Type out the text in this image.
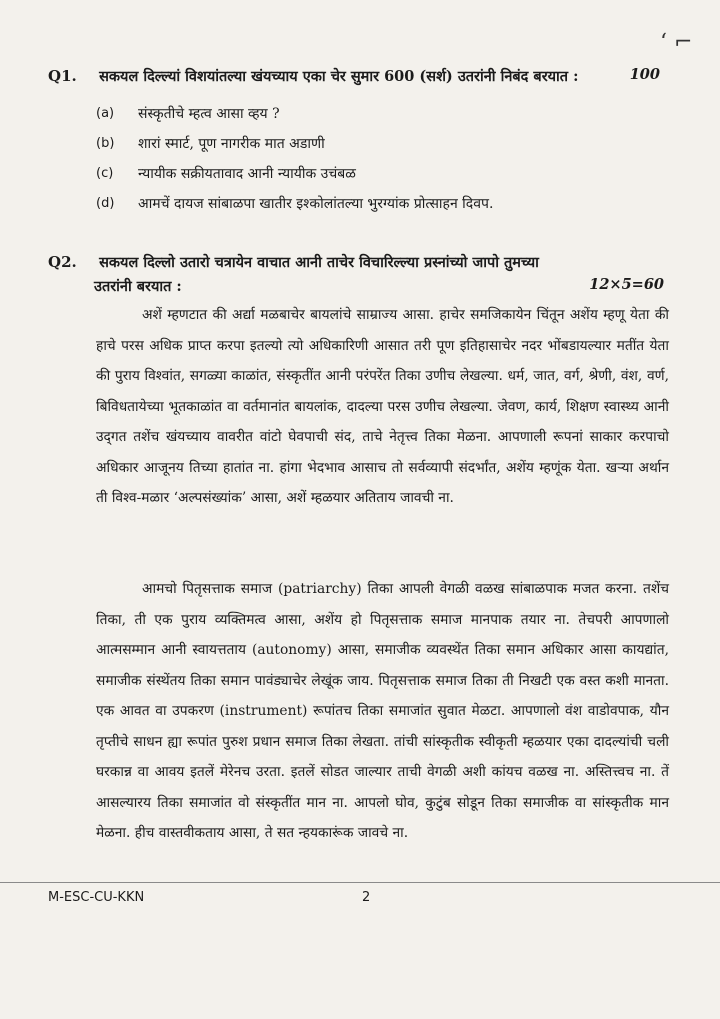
ʻ ⌐
Q1. सकयल दिल्ल्यां विशयांतल्या खंयच्याय एका चेर सुमार 600 (सर्श) उतरांनी निबंद बरयात :	100
(a)	संस्कृतीचे म्हत्व आसा व्हय ?
(b)	शारां स्मार्ट, पूण नागरीक मात अडाणी
(c)	न्यायीक सक्रीयतावाद आनी न्यायीक उचंबळ
(d)	आमचें दायज सांबाळपा खातीर इश्कोलांतल्या भुरग्यांक प्रोत्साहन दिवप.
Q2. सकयल दिल्लो उतारो चत्रायेन वाचात आनी ताचेर विचारिल्ल्या प्रस्नांच्यो जापो तुमच्या
उतरांनी बरयात :	12×5=60

अशें म्हणटात की अर्द्या मळबाचेर बायलांचे साम्राज्य आसा. हाचेर समजिकायेन चिंतून अशेंय म्हणू येता की हाचे परस अधिक प्राप्त करपा इतल्यो त्यो अधिकारिणी आसात तरी पूण इतिहासाचेर नदर भोंबडायल्यार मतींत येता की पुराय विश्वांत, सगळ्या काळांत, संस्कृतींत आनी परंपरेंत तिका उणीच लेखल्या. धर्म, जात, वर्ग, श्रेणी, वंश, वर्ण, बिविधतायेच्या भूतकाळांत वा वर्तमानांत बायलांक, दादल्या परस उणीच लेखल्या. जेवण, कार्य, शिक्षण स्वास्थ्य आनी उद्‌गत तशेंच खंयच्याय वावरीत वांटो घेवपाची संद, ताचे नेतृत्त्व तिका मेळना. आपणाली रूपनां साकार करपाचो अधिकार आजूनय तिच्या हातांत ना. हांगा भेदभाव आसाच तो सर्वव्यापी संदर्भांत, अशेंय म्हणूंक येता. खऱ्या अर्थान ती विश्व-मळार ‘अल्पसंख्यांक’ आसा, अशें म्हळयार अतिताय जावची ना.

आमचो पितृसत्ताक समाज (patriarchy) तिका आपली वेगळी वळख सांबाळपाक मजत करना. तशेंच तिका, ती एक पुराय व्यक्तिमत्व आसा, अशेंय हो पितृसत्ताक समाज मानपाक तयार ना. तेचपरी आपणालो आत्मसम्मान आनी स्वायत्तताय (autonomy) आसा, समाजीक व्यवस्थेंत तिका समान अधिकार आसा कायद्यांत, समाजीक संस्थेंतय तिका समान पावंड्याचेर लेखूंक जाय. पितृसत्ताक समाज तिका ती निखटी एक वस्त कशी मानता. एक आवत वा उपकरण (instrument) रूपांतच तिका समाजांत सुवात मेळटा. आपणालो वंश वाडोवपाक, यौन तृप्तीचे साधन ह्या रूपांत पुरुश प्रधान समाज तिका लेखता. तांची सांस्कृतीक स्वीकृती म्हळयार एका दादल्यांची चली घरकान्न वा आवय इतलें मेरेनच उरता. इतलें सोडत जाल्यार ताची वेगळी अशी कांयच वळख ना. अस्तित्त्वच ना. तें आसल्यारय तिका समाजांत वो संस्कृतींत मान ना. आपलो घोव, कुटुंब सोडून तिका समाजीक वा सांस्कृतीक मान मेळना. हीच वास्तवीकताय आसा, ते सत न्हयकारूंक जावचे ना.

M-ESC-CU-KKN	2
